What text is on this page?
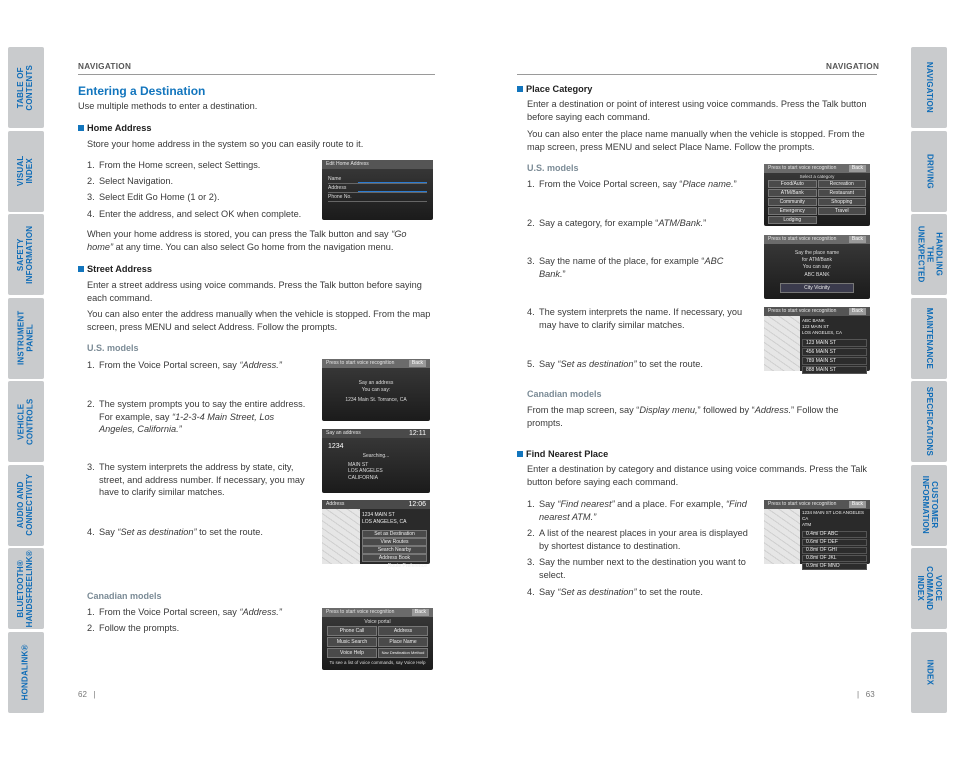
TABLE OF
CONTENTS
VISUAL INDEX
SAFETY
INFORMATION
INSTRUMENT
PANEL
VEHICLE
CONTROLS
AUDIO AND
CONNECTIVITY
BLUETOOTH®
HANDSFREELINK®
HONDALINK®
NAVIGATION
DRIVING
HANDLING THE
UNEXPECTED
MAINTENANCE
SPECIFICATIONS
CUSTOMER
INFORMATION
VOICE
COMMAND INDEX
INDEX
NAVIGATION	NAVIGATION
Entering a Destination
Use multiple methods to enter a destination.
Home Address
Store your home address in the system so you can easily route to it.
1. From the Home screen, select Settings.
2. Select Navigation.
3. Select Edit Go Home (1 or 2).
4. Enter the address, and select OK when complete.
When your home address is stored, you can press the Talk button and say “Go home” at any time. You can also select Go home from the navigation menu.
Street Address
Enter a street address using voice commands. Press the Talk button before saying each command.
You can also enter the address manually when the vehicle is stopped. From the map screen, press MENU and select Address. Follow the prompts.
U.S. models
1. From the Voice Portal screen, say “Address.”
2. The system prompts you to say the entire address. For example, say “1-2-3-4 Main Street, Los Angeles, California.”
3. The system interprets the address by state, city, street, and address number. If necessary, you may have to clarify similar matches.
4. Say “Set as destination” to set the route.
Canadian models
1. From the Voice Portal screen, say “Address.”
2. Follow the prompts.
62   |
Edit Home Address
Name
Address
Phone No.
Press to start voice recognition	Back
Say an address
You can say:
1234 Main St. Torrance, CA
Say an address	12:11
1234
Searching...
MAIN ST
LOS ANGELES
CALIFORNIA
Address	12:06
1234 MAIN ST
LOS ANGELES, CA
Set as Destination
View Routes
Search Nearby
Address Book
Route Preference
Press to start voice recognition	Back
Voice portal
Phone Call	Address
Music Search	Place Name
Voice Help	Nav Destination Method
To see a list of voice commands, say Voice Help
Place Category
Enter a destination or point of interest using voice commands. Press the Talk button before saying each command.
You can also enter the place name manually when the vehicle is stopped. From the map screen, press MENU and select Place Name. Follow the prompts.
U.S. models
1. From the Voice Portal screen, say “Place name.”
2. Say a category, for example “ATM/Bank.”
3. Say the name of the place, for example “ABC Bank.”
4. The system interprets the name. If necessary, you may have to clarify similar matches.
5. Say “Set as destination” to set the route.
Canadian models
From the map screen, say “Display menu,” followed by “Address.” Follow the prompts.
Find Nearest Place
Enter a destination by category and distance using voice commands. Press the Talk button before saying each command.
1. Say “Find nearest” and a place. For example, “Find nearest ATM.”
2. A list of the nearest places in your area is displayed by shortest distance to destination.
3. Say the number next to the destination you want to select.
4. Say “Set as destination” to set the route.
|   63
Press to start voice recognition	Back
Select a category
Food/Auto	Recreation
ATM/Bank	Restaurant
Community	Shopping
Emergency	Travel
Lodging
Press to start voice recognition	Back
Say the place name
for ATM/Bank
You can say:
ABC BANK
City Vicinity
Press to start voice recognition	Back
ABC BANK
123 MAIN ST
LOS ANGELES, CA
123 MAIN ST
456 MAIN ST
789 MAIN ST
888 MAIN ST
Press to start voice recognition	Back
1234 MAIN ST LOS ANGELES CA
ATM
0.4mi OF ABC
0.6mi OF DEF
0.8mi OF GHI
0.8mi OF JKL
0.9mi OF MNO
